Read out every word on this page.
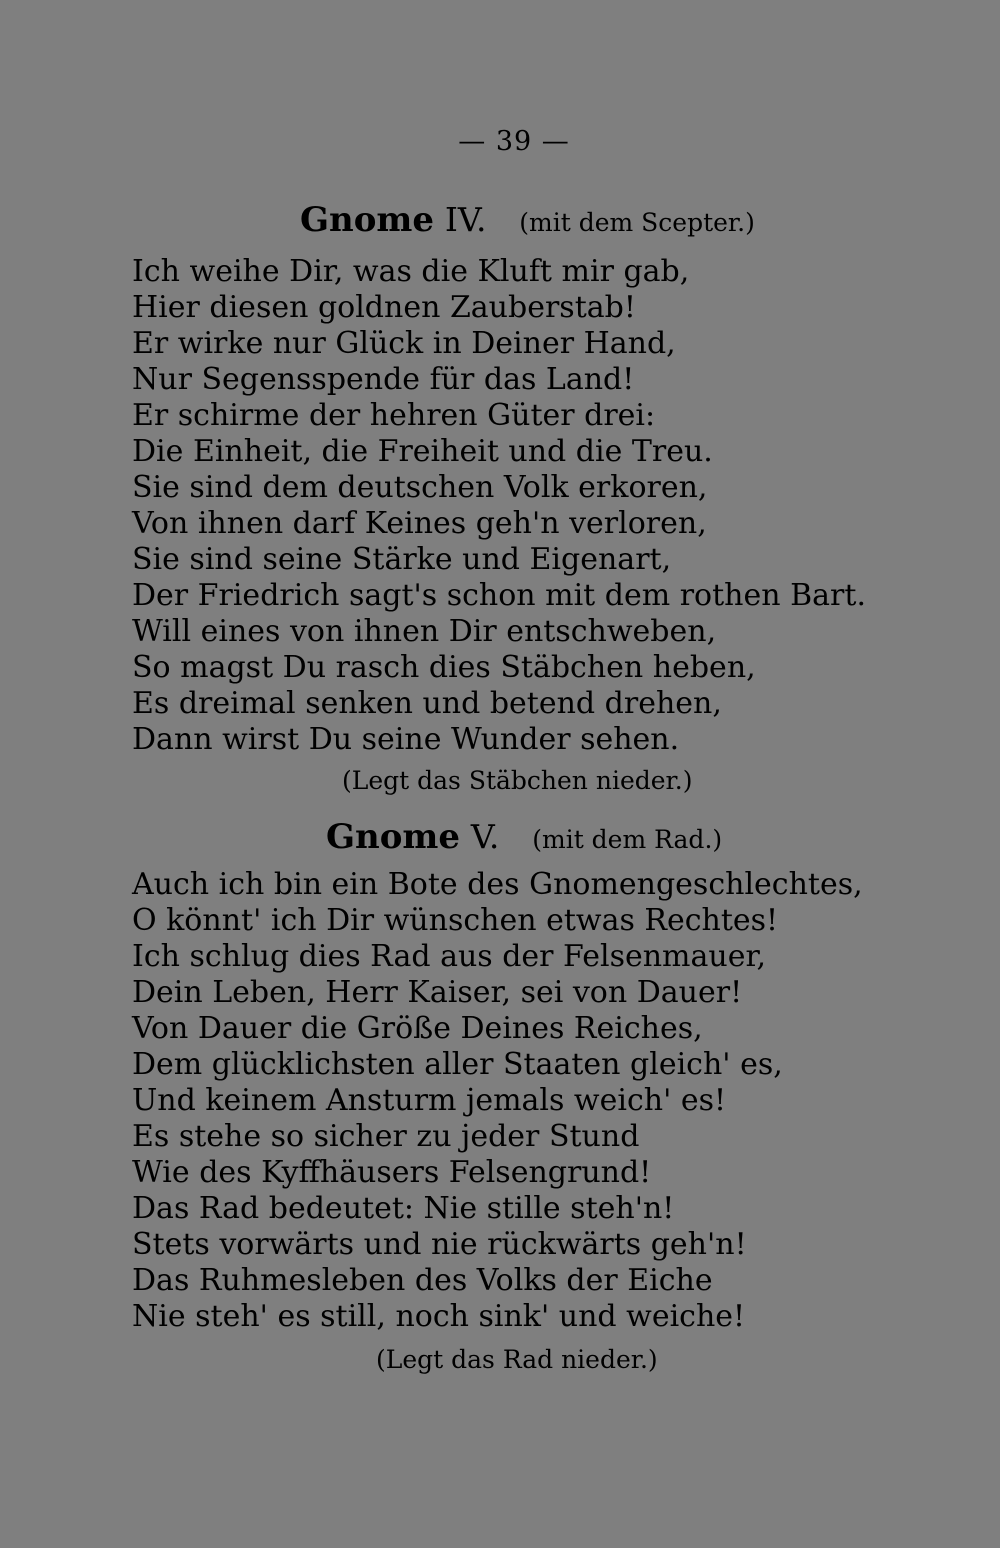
— 39 —
Gnome IV. (mit dem Scepter.)
Ich weihe Dir, was die Kluft mir gab,
Hier diesen goldnen Zauberstab!
Er wirke nur Glück in Deiner Hand,
Nur Segensspende für das Land!
Er schirme der hehren Güter drei:
Die Einheit, die Freiheit und die Treu.
Sie sind dem deutschen Volk erkoren,
Von ihnen darf Keines geh'n verloren,
Sie sind seine Stärke und Eigenart,
Der Friedrich sagt's schon mit dem rothen Bart.
Will eines von ihnen Dir entschweben,
So magst Du rasch dies Stäbchen heben,
Es dreimal senken und betend drehen,
Dann wirst Du seine Wunder sehen.
(Legt das Stäbchen nieder.)
Gnome V. (mit dem Rad.)
Auch ich bin ein Bote des Gnomengeschlechtes,
O könnt' ich Dir wünschen etwas Rechtes!
Ich schlug dies Rad aus der Felsenmauer,
Dein Leben, Herr Kaiser, sei von Dauer!
Von Dauer die Größe Deines Reiches,
Dem glücklichsten aller Staaten gleich' es,
Und keinem Ansturm jemals weich' es!
Es stehe so sicher zu jeder Stund
Wie des Kyffhäusers Felsengrund!
Das Rad bedeutet: Nie stille steh'n!
Stets vorwärts und nie rückwärts geh'n!
Das Ruhmesleben des Volks der Eiche
Nie steh' es still, noch sink' und weiche!
(Legt das Rad nieder.)
